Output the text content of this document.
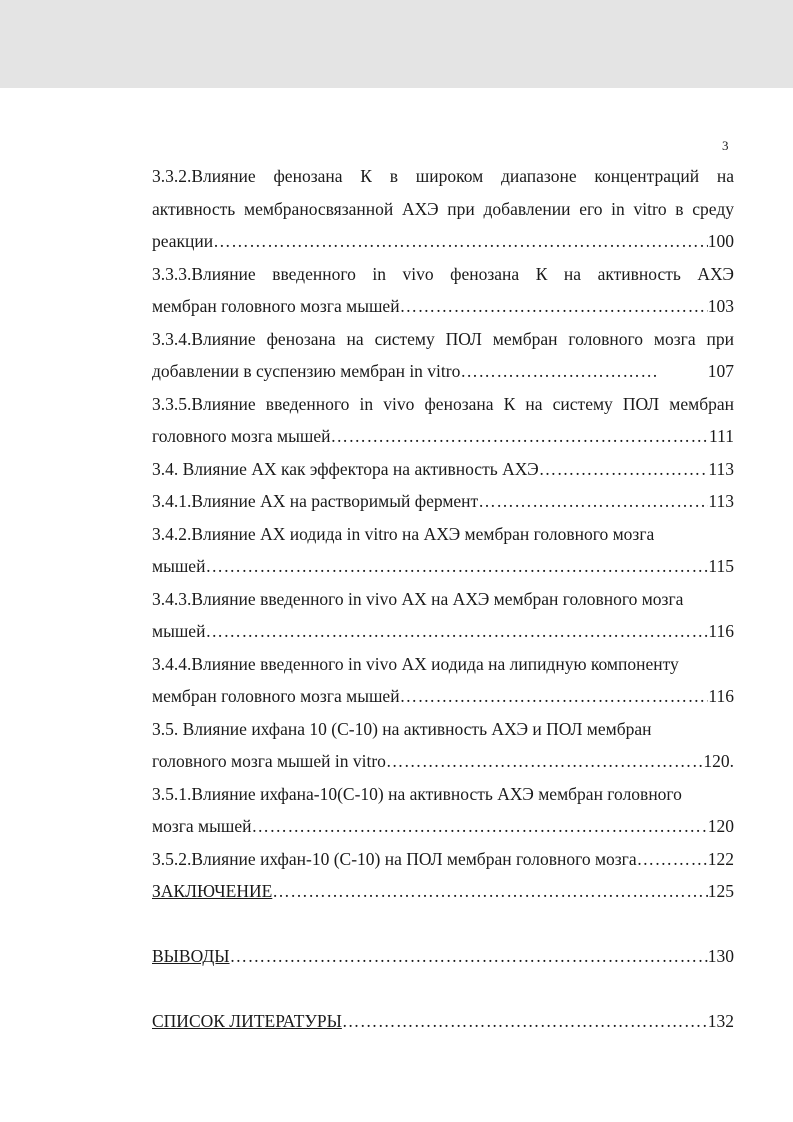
3
3.3.2.Влияние фенозана К в широком диапазоне концентраций на
активность мембраносвязанной АХЭ при добавлении его in vitro в среду
реакции ……………………………………………………………………………………………………………………………………………………	100
3.3.3.Влияние введенного in vivo фенозана К на активность АХЭ
мембран головного мозга мышей ……………………………………………………………………………………………………………………………………………………	103
3.3.4.Влияние фенозана на систему ПОЛ мембран головного мозга при
добавлении в суспензию мембран in vitro ……………………………………………………………………………………………………………………………………………………	107
3.3.5.Влияние введенного in vivo фенозана К на систему ПОЛ мембран
головного мозга мышей ……………………………………………………………………………………………………………………………………………………	111
3.4. Влияние АХ как эффектора на активность АХЭ ……………………………………………………………………………………………………………………………………………………	113
3.4.1.Влияние АХ на растворимый фермент ……………………………………………………………………………………………………………………………………………………	113
3.4.2.Влияние АХ иодида in vitro на АХЭ мембран головного мозга
мышей ……………………………………………………………………………………………………………………………………………………	115
3.4.3.Влияние введенного in vivo АХ на АХЭ мембран головного мозга
мышей ……………………………………………………………………………………………………………………………………………………	116
3.4.4.Влияние введенного in vivo АХ иодида на липидную компоненту
мембран головного мозга мышей ……………………………………………………………………………………………………………………………………………………	116
3.5. Влияние ихфана 10 (С-10) на активность АХЭ и ПОЛ мембран
головного мозга мышей in vitro ……………………………………………………………………………………………………………………………………………………	120.
3.5.1.Влияние ихфана-10(С-10) на активность АХЭ мембран головного
мозга мышей ……………………………………………………………………………………………………………………………………………………	120
3.5.2.Влияние ихфан-10 (С-10) на ПОЛ мембран головного мозга ……………………………………………………………………………………………………………………………………………………	122
ЗАКЛЮЧЕНИЕ ……………………………………………………………………………………………………………………………………………………	125
ВЫВОДЫ ……………………………………………………………………………………………………………………………………………………	130
СПИСОК ЛИТЕРАТУРЫ ……………………………………………………………………………………………………………………………………………………	132
